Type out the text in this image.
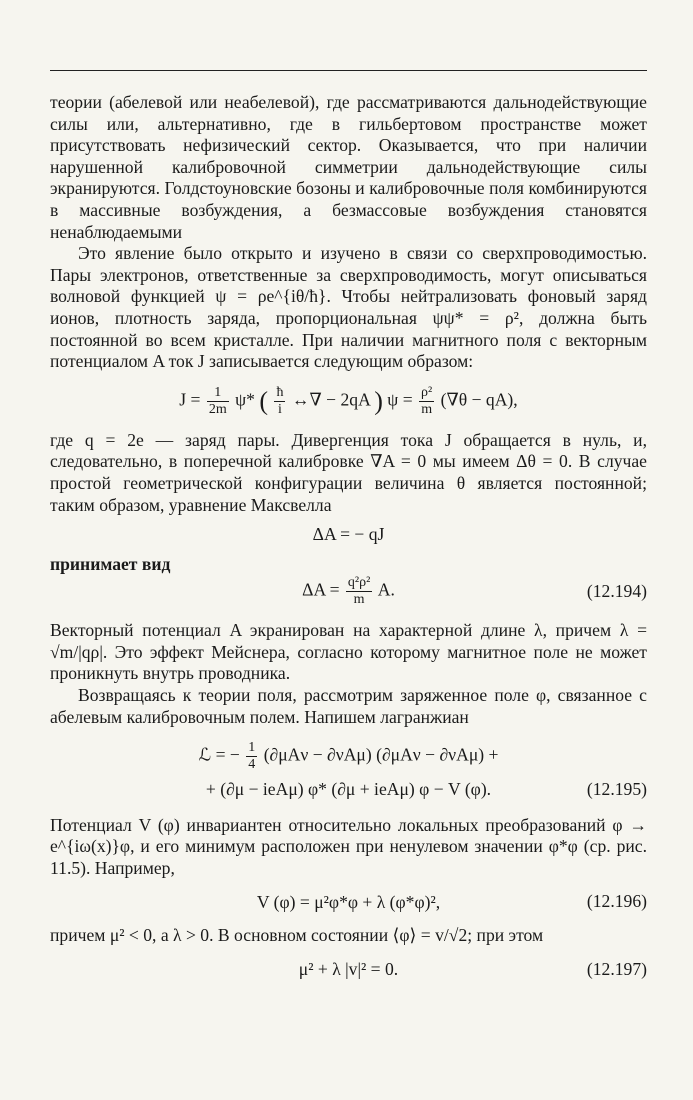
теории (абелевой или неабелевой), где рассматриваются дальнодействующие силы или, альтернативно, где в гильбертовом пространстве может присутствовать нефизический сектор. Оказывается, что при наличии нарушенной калибровочной симметрии дальнодействующие силы экранируются. Голдстоуновские бозоны и калибровочные поля комбинируются в массивные возбуждения, а безмассовые возбуждения становятся ненаблюдаемыми

Это явление было открыто и изучено в связи со сверхпроводимостью. Пары электронов, ответственные за сверхпроводимость, могут описываться волновой функцией ψ = ρe^{iθ/ħ}. Чтобы нейтрализовать фоновый заряд ионов, плотность заряда, пропорциональная ψψ* = ρ², должна быть постоянной во всем кристалле. При наличии магнитного поля с векторным потенциалом A ток J записывается следующим образом:

$J = \frac{1}{2m} \psi*$ ( $\frac{ħ}{i}$ ↔∇ − 2qA ) $\psi = \frac{\text{ρ²}}{m} (\nabla\theta - qA)$,

где q = 2e — заряд пары. Дивергенция тока J обращается в нуль, и, следовательно, в поперечной калибровке ∇A = 0 мы имеем Δθ = 0. В случае простой геометрической конфигурации величина θ является постоянной; таким образом, уравнение Максвелла

ΔA = − qJ

принимает вид

$\Delta A = \frac{\text{q²ρ²}}{m} A$.	(12.194)

Векторный потенциал A экранирован на характерной длине λ, причем λ = √m/|qρ|. Это эффект Мейснера, согласно которому магнитное поле не может проникнуть внутрь проводника.

Возвращаясь к теории поля, рассмотрим заряженное поле φ, связанное с абелевым калибровочным полем. Напишем лагранжиан

ℒ = − $\frac{1}{4} (\partial\mu A\nu - \partial\nu A\mu) (\partial\mu A\nu - \partial\nu A\mu)$ +
+ (∂μ − ieAμ) φ* (∂μ + ieAμ) φ − V (φ).	(12.195)

Потенциал V (φ) инвариантен относительно локальных преобразований φ → e^{iω(x)}φ, и его минимум расположен при ненулевом значении φ*φ (ср. рис. 11.5). Например,

V (φ) = μ²φ*φ + λ (φ*φ)²,	(12.196)

причем μ² < 0, а λ > 0. В основном состоянии ⟨φ⟩ = v/√2; при этом

μ² + λ |v|² = 0.	(12.197)
